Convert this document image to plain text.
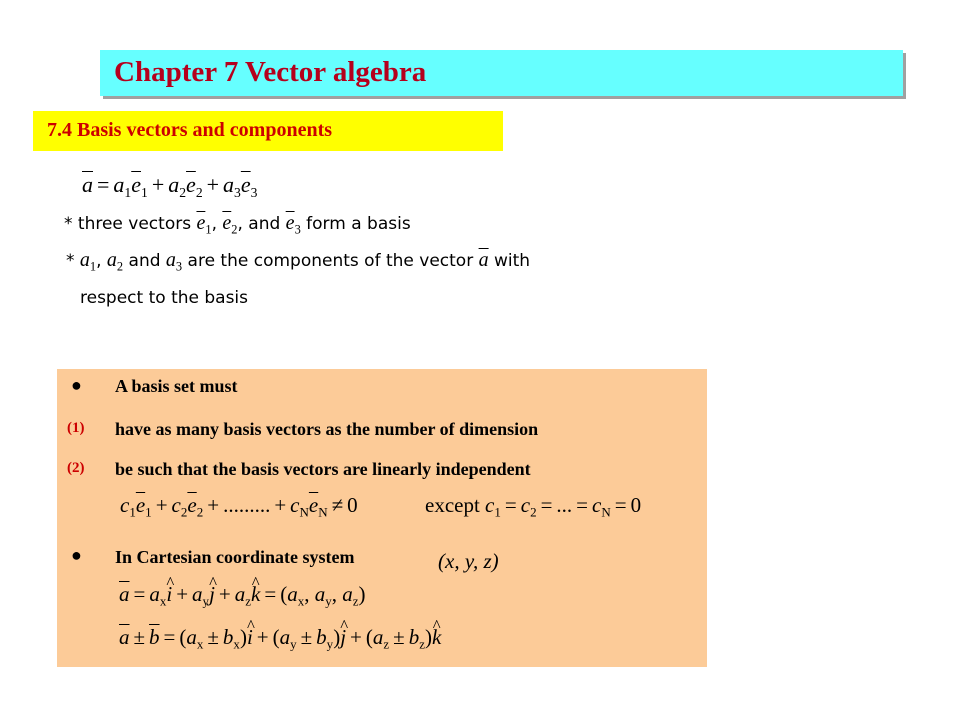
Chapter 7 Vector algebra
7.4 Basis vectors and components
$\overline{a} = a_1\overline{e}_1 + a_2\overline{e}_2 + a_3\overline{e}_3$
* three vectors $\overline{e}_1$, $\overline{e}_2$, and $\overline{e}_3$ form a basis
* $a_1$, $a_2$ and $a_3$ are the components of the vector $\overline{a}$ with
respect to the basis
● A basis set must
(1) have as many basis vectors as the number of dimension
(2) be such that the basis vectors are linearly independent
$c_1\overline{e}_1 + c_2\overline{e}_2$ + ......... + $c_N\overline{e}_N \ne 0$	except $c_1 = c_2$ = ... = $c_N = 0$
● In Cartesian coordinate system	(x, y, z)
$\overline{a}$ = $a_x\^{}$ $i + a_y\^{}$ $j + a_z\^{}$ $k = (a_x$, $a_y$, $a_z$)
$\overline{a} \pm \overline{b} = (a_x$ ± $b_x)\^{}$ $i + (a_y$ ± $b_y)\^{}$ $j + (a_z$ ± $b_z)\^{}$ k
